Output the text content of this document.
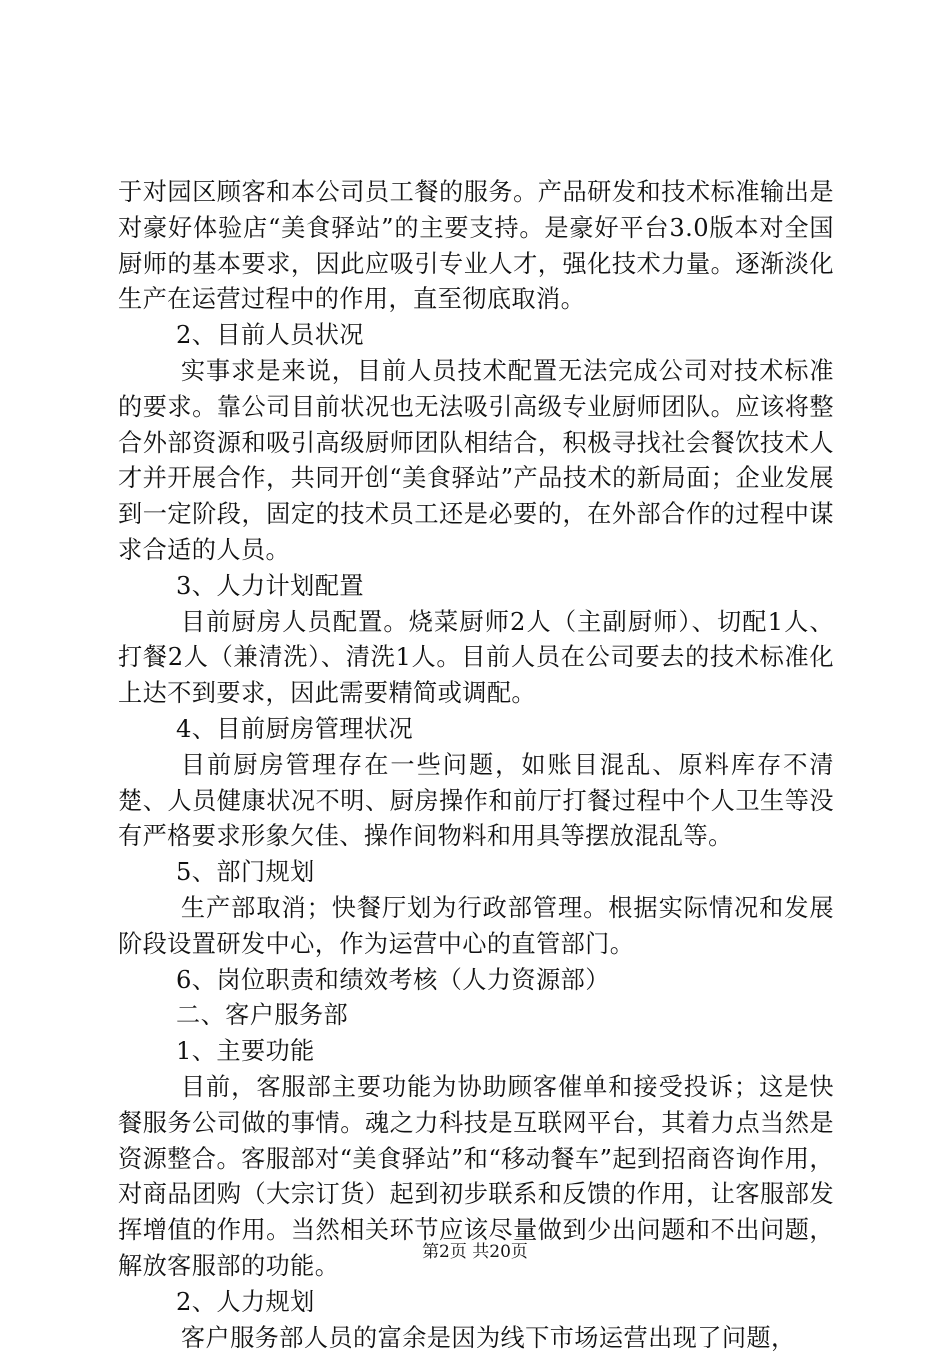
于对园区顾客和本公司员工餐的服务。产品研发和技术标准输出是对豪好体验店“美食驿站”的主要支持。是豪好平台3.0版本对全国厨师的基本要求，因此应吸引专业人才，强化技术力量。逐渐淡化生产在运营过程中的作用，直至彻底取消。

2、目前人员状况

实事求是来说，目前人员技术配置无法完成公司对技术标准的要求。靠公司目前状况也无法吸引高级专业厨师团队。应该将整合外部资源和吸引高级厨师团队相结合，积极寻找社会餐饮技术人才并开展合作，共同开创“美食驿站”产品技术的新局面；企业发展到一定阶段，固定的技术员工还是必要的，在外部合作的过程中谋求合适的人员。

3、人力计划配置

目前厨房人员配置。烧菜厨师2人（主副厨师）、切配1人、打餐2人（兼清洗）、清洗1人。目前人员在公司要去的技术标准化上达不到要求，因此需要精简或调配。

4、目前厨房管理状况

目前厨房管理存在一些问题，如账目混乱、原料库存不清楚、人员健康状况不明、厨房操作和前厅打餐过程中个人卫生等没有严格要求形象欠佳、操作间物料和用具等摆放混乱等。

5、部门规划

生产部取消；快餐厅划为行政部管理。根据实际情况和发展阶段设置研发中心，作为运营中心的直管部门。

6、岗位职责和绩效考核（人力资源部）

二、客户服务部

1、主要功能

目前，客服部主要功能为协助顾客催单和接受投诉；这是快餐服务公司做的事情。魂之力科技是互联网平台，其着力点当然是资源整合。客服部对“美食驿站”和“移动餐车”起到招商咨询作用，对商品团购（大宗订货）起到初步联系和反馈的作用，让客服部发挥增值的作用。当然相关环节应该尽量做到少出问题和不出问题，解放客服部的功能。

2、人力规划

客户服务部人员的富余是因为线下市场运营出现了问题，

第2页 共20页
